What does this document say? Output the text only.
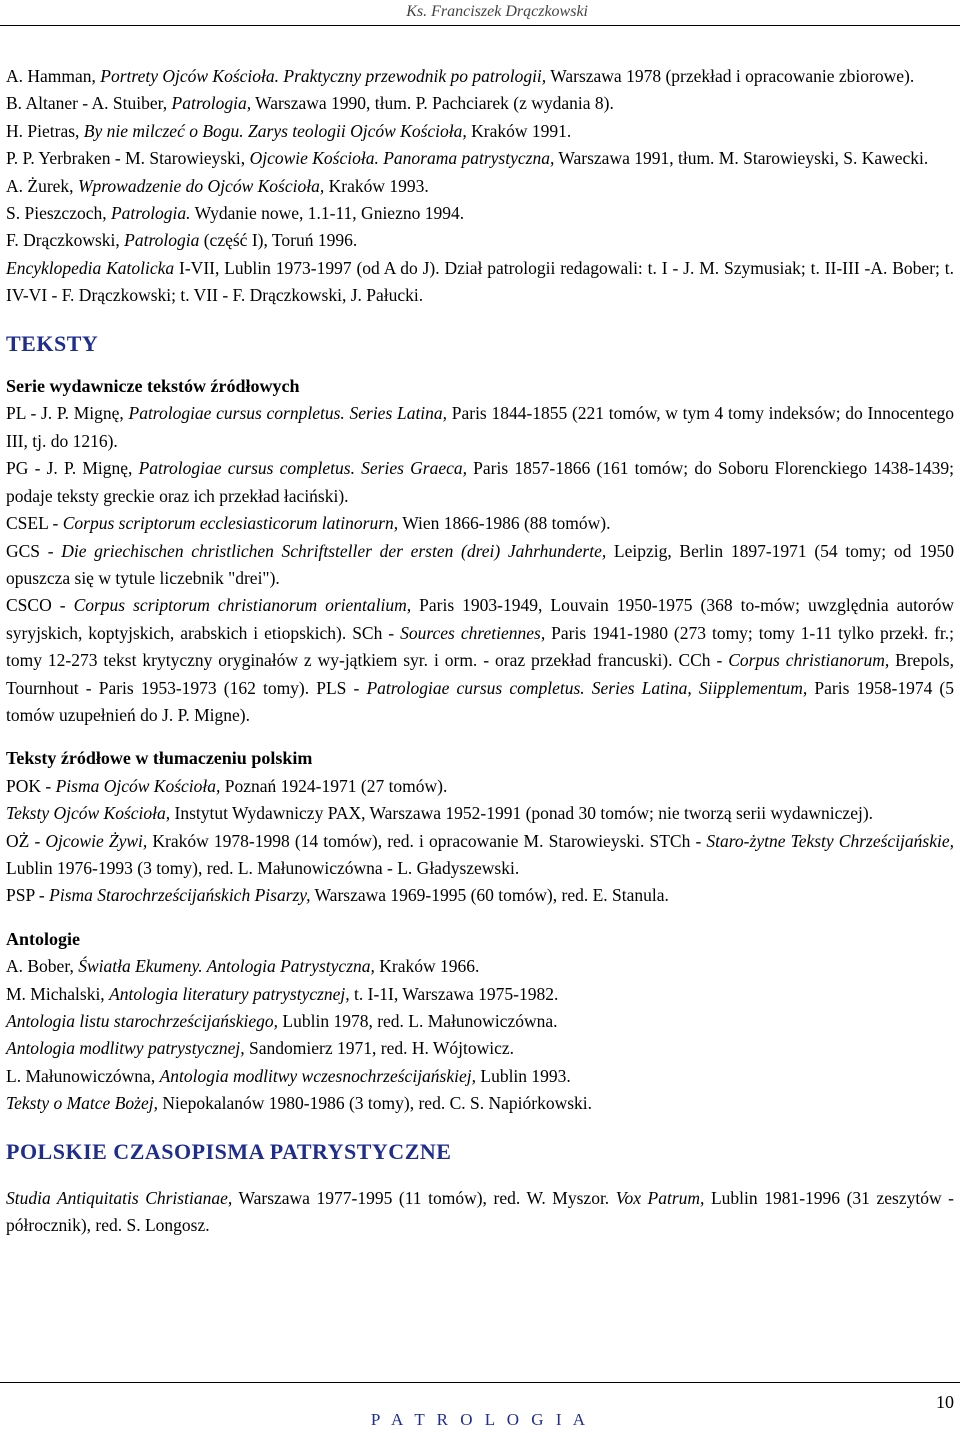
Ks. Franciszek Drączkowski

A. Hamman, Portrety Ojców Kościoła. Praktyczny przewodnik po patrologii, Warszawa 1978 (przekład i opracowanie zbiorowe).

B. Altaner - A. Stuiber, Patrologia, Warszawa 1990, tłum. P. Pachciarek (z wydania 8).

H. Pietras, By nie milczeć o Bogu. Zarys teologii Ojców Kościoła, Kraków 1991.

P. P. Yerbraken - M. Starowieyski, Ojcowie Kościoła. Panorama patrystyczna, Warszawa 1991, tłum. M. Starowieyski, S. Kawecki.

A. Żurek, Wprowadzenie do Ojców Kościoła, Kraków 1993.

S. Pieszczoch, Patrologia. Wydanie nowe, 1.1-11, Gniezno 1994.

F. Drączkowski, Patrologia (część I), Toruń 1996.

Encyklopedia Katolicka I-VII, Lublin 1973-1997 (od A do J). Dział patrologii redagowali: t. I - J. M. Szymusiak; t. II-III -A. Bober; t. IV-VI - F. Drączkowski; t. VII - F. Drączkowski, J. Pałucki.

TEKSTY
Serie wydawnicze tekstów źródłowych

PL - J. P. Mignę, Patrologiae cursus cornpletus. Series Latina, Paris 1844-1855 (221 tomów, w tym 4 tomy indeksów; do Innocentego III, tj. do 1216).

PG - J. P. Mignę, Patrologiae cursus completus. Series Graeca, Paris 1857-1866 (161 tomów; do Soboru Florenckiego 1438-1439; podaje teksty greckie oraz ich przekład łaciński).

CSEL - Corpus scriptorum ecclesiasticorum latinorurn, Wien 1866-1986 (88 tomów).

GCS - Die griechischen christlichen Schriftsteller der ersten (drei) Jahrhunderte, Leipzig, Berlin 1897-1971 (54 tomy; od 1950 opuszcza się w tytule liczebnik "drei").

CSCO - Corpus scriptorum christianorum orientalium, Paris 1903-1949, Louvain 1950-1975 (368 to-mów; uwzględnia autorów syryjskich, koptyjskich, arabskich i etiopskich). SCh - Sources chretiennes, Paris 1941-1980 (273 tomy; tomy 1-11 tylko przekł. fr.; tomy 12-273 tekst krytyczny oryginałów z wy-jątkiem syr. i orm. - oraz przekład francuski). CCh - Corpus christianorum, Brepols, Tournhout - Paris 1953-1973 (162 tomy). PLS - Patrologiae cursus completus. Series Latina, Siipplementum, Paris 1958-1974 (5 tomów uzupełnień do J. P. Migne).

Teksty źródłowe w tłumaczeniu polskim

POK - Pisma Ojców Kościoła, Poznań 1924-1971 (27 tomów).

Teksty Ojców Kościoła, Instytut Wydawniczy PAX, Warszawa 1952-1991 (ponad 30 tomów; nie tworzą serii wydawniczej).

OŻ - Ojcowie Żywi, Kraków 1978-1998 (14 tomów), red. i opracowanie M. Starowieyski. STCh - Staro-żytne Teksty Chrześcijańskie, Lublin 1976-1993 (3 tomy), red. L. Małunowiczówna - L. Gładyszewski.

PSP - Pisma Starochrześcijańskich Pisarzy, Warszawa 1969-1995 (60 tomów), red. E. Stanula.

Antologie

A. Bober, Światła Ekumeny. Antologia Patrystyczna, Kraków 1966.

M. Michalski, Antologia literatury patrystycznej, t. I-1I, Warszawa 1975-1982.

Antologia listu starochrześcijańskiego, Lublin 1978, red. L. Małunowiczówna.

Antologia modlitwy patrystycznej, Sandomierz 1971, red. H. Wójtowicz.

L. Małunowiczówna, Antologia modlitwy wczesnochrześcijańskiej, Lublin 1993.

Teksty o Matce Bożej, Niepokalanów 1980-1986 (3 tomy), red. C. S. Napiórkowski.

POLSKIE CZASOPISMA PATRYSTYCZNE

Studia Antiquitatis Christianae, Warszawa 1977-1995 (11 tomów), red. W. Myszor. Vox Patrum, Lublin 1981-1996 (31 zeszytów - półrocznik), red. S. Longosz.

10
P A T R O L O G I A
